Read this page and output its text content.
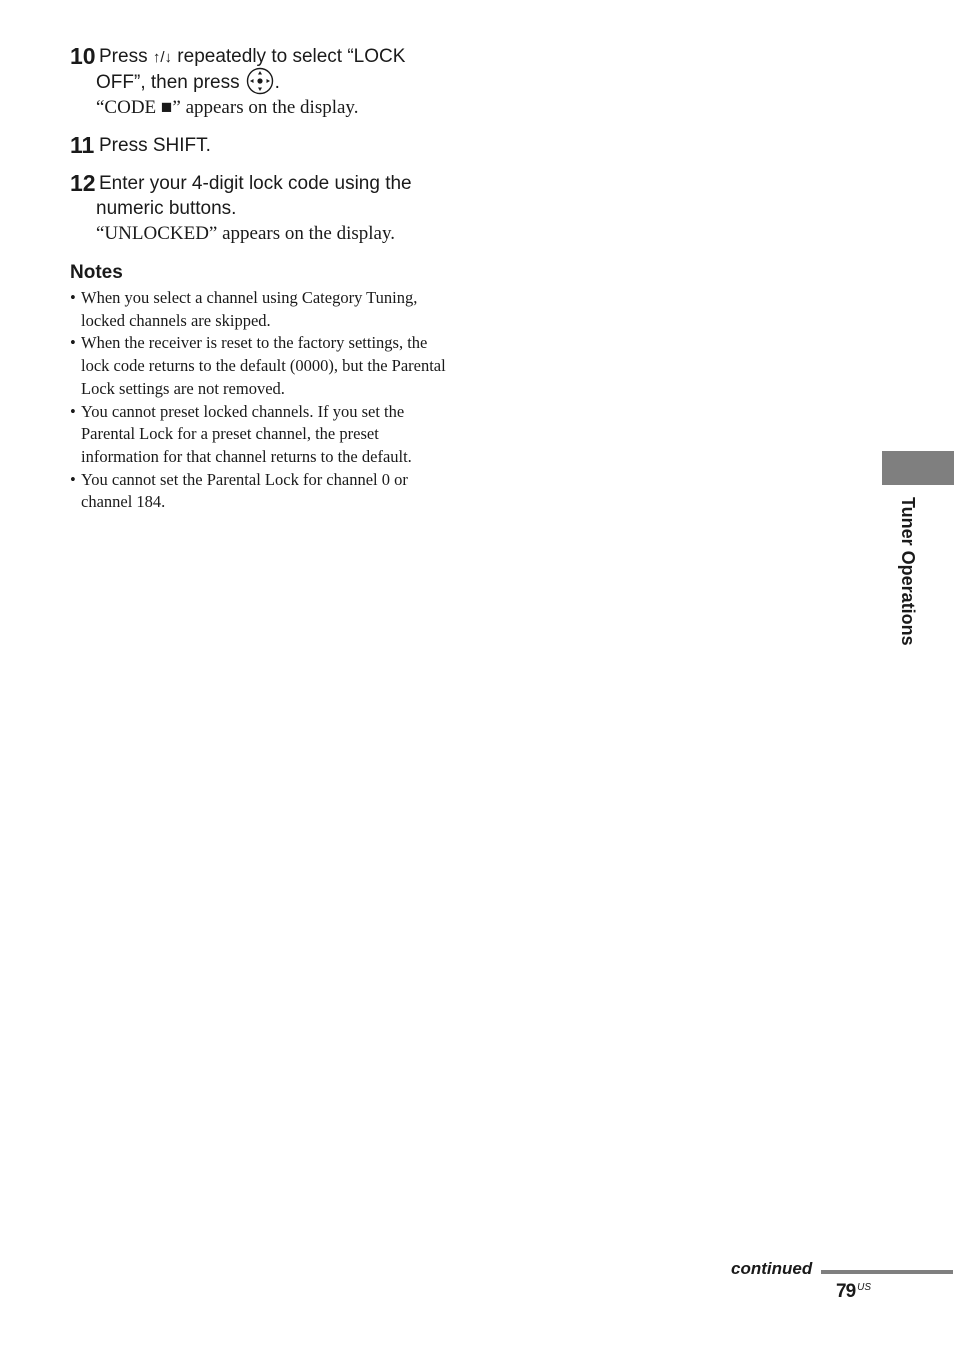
10 Press ↑/↓ repeatedly to select “LOCK OFF”, then press .
“CODE ■” appears on the display.
11 Press SHIFT.
12 Enter your 4-digit lock code using the numeric buttons.
“UNLOCKED” appears on the display.
Notes
• When you select a channel using Category Tuning, locked channels are skipped.
• When the receiver is reset to the factory settings, the lock code returns to the default (0000), but the Parental Lock settings are not removed.
• You cannot preset locked channels. If you set the Parental Lock for a preset channel, the preset information for that channel returns to the default.
• You cannot set the Parental Lock for channel 0 or channel 184.	Tuner Operations
continued
79 $^{US}$
